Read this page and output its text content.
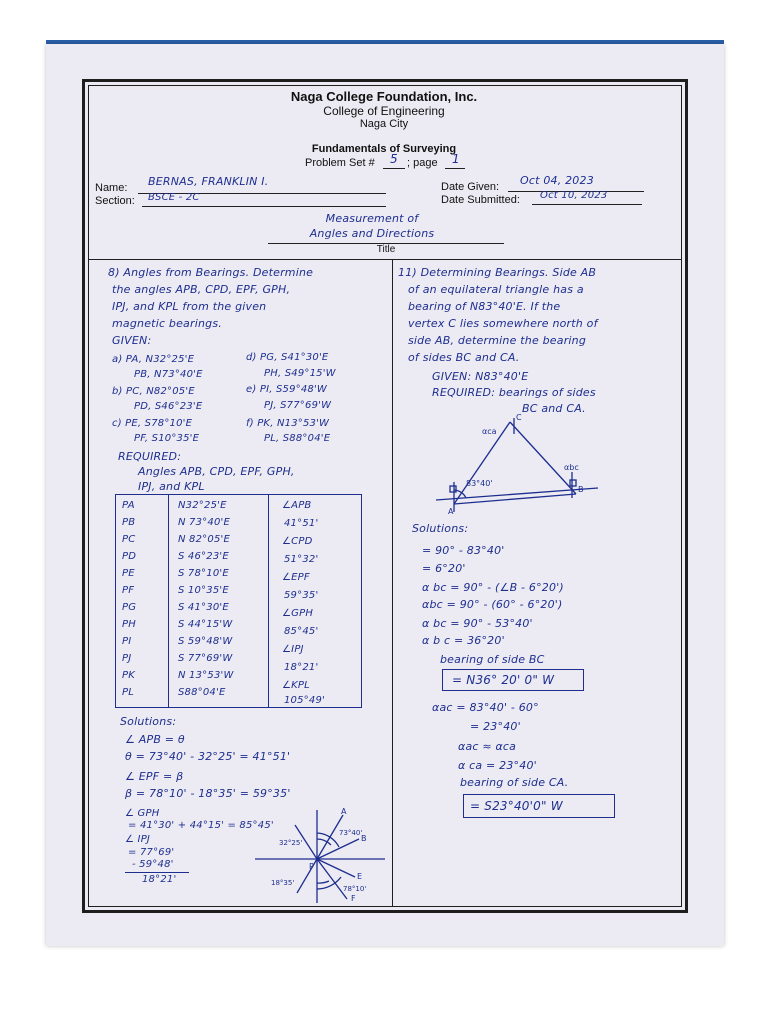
Naga College Foundation, Inc.
College of Engineering
Naga City
Fundamentals of Surveying
Problem Set # 5 ; page 1
Name: BERNAS, FRANKLIN I.
Section: BSCE - 2C
Date Given: Oct 04, 2023
Date Submitted: Oct 10, 2023
Measurement of
Angles and Directions
Title
8) Angles from Bearings. Determine
the angles APB, CPD, EPF, GPH,
IPJ, and KPL from the given
magnetic bearings.
GIVEN:
a) PA, N32°25'E
PB, N73°40'E
b) PC, N82°05'E
PD, S46°23'E
c) PE, S78°10'E
PF, S10°35'E
d) PG, S41°30'E
PH, S49°15'W
e) PI, S59°48'W
PJ, S77°69'W
f) PK, N13°53'W
PL, S88°04'E
REQUIRED:
Angles APB, CPD, EPF, GPH,
IPJ, and KPL
PA
PB
PC
PD
PE
PF
PG
PH
PI
PJ
PK
PL
N32°25'E
N 73°40'E
N 82°05'E
S 46°23'E
S 78°10'E
S 10°35'E
S 41°30'E
S 44°15'W
S 59°48'W
S 77°69'W
N 13°53'W
S88°04'E
∠APB
41°51'
∠CPD
51°32'
∠EPF
59°35'
∠GPH
85°45'
∠IPJ
18°21'
∠KPL
105°49'
Solutions:
∠ APB = θ
θ = 73°40' - 32°25' = 41°51'
∠ EPF = β
β = 78°10' - 18°35' = 59°35'
∠ GPH
= 41°30' + 44°15' = 85°45'
∠ IPJ
= 77°69'
- 59°48'
18°21'
A
B
P
E
F
32°25'
73°40'
18°35'
78°10'
11) Determining Bearings. Side AB
of an equilateral triangle has a
bearing of N83°40'E. If the
vertex C lies somewhere north of
side AB, determine the bearing
of sides BC and CA.
GIVEN: N83°40'E
REQUIRED: bearings of sides
BC and CA.
A
B
C
αca
αbc
83°40'
Solutions:
= 90° - 83°40'
= 6°20'
α bc = 90° - (∠B - 6°20')
αbc = 90° - (60° - 6°20')
α bc = 90° - 53°40'
α b c = 36°20'
bearing of side BC
= N36° 20' 0" W
αac = 83°40' - 60°
= 23°40'
αac ≈ αca
α ca = 23°40'
bearing of side CA.
= S23°40'0" W
